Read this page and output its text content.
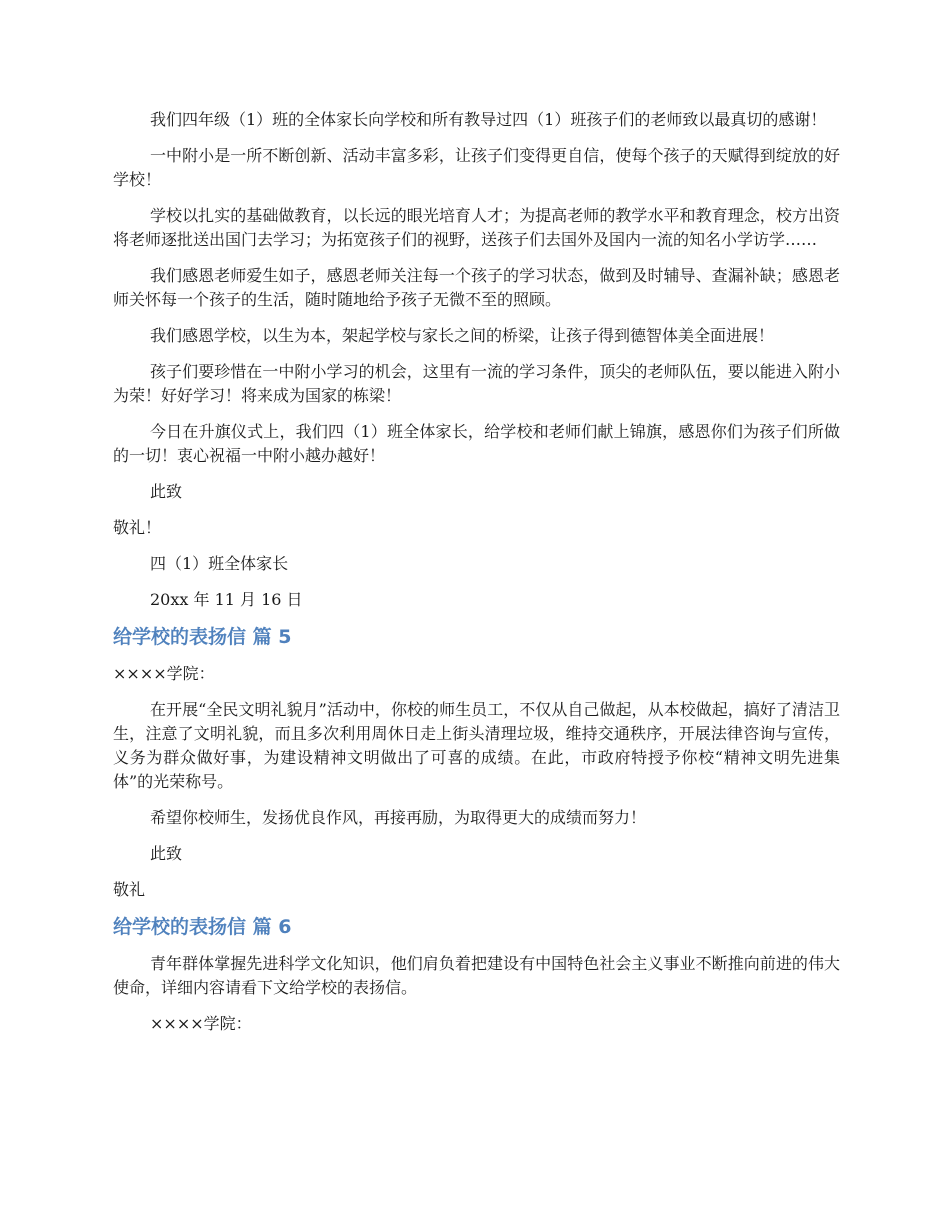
我们四年级（1）班的全体家长向学校和所有教导过四（1）班孩子们的老师致以最真切的感谢！

一中附小是一所不断创新、活动丰富多彩，让孩子们变得更自信，使每个孩子的天赋得到绽放的好学校！

学校以扎实的基础做教育，以长远的眼光培育人才；为提高老师的教学水平和教育理念，校方出资将老师逐批送出国门去学习；为拓宽孩子们的视野，送孩子们去国外及国内一流的知名小学访学……

我们感恩老师爱生如子，感恩老师关注每一个孩子的学习状态，做到及时辅导、查漏补缺；感恩老师关怀每一个孩子的生活，随时随地给予孩子无微不至的照顾。

我们感恩学校，以生为本，架起学校与家长之间的桥梁，让孩子得到德智体美全面进展！

孩子们要珍惜在一中附小学习的机会，这里有一流的学习条件，顶尖的老师队伍，要以能进入附小为荣！好好学习！将来成为国家的栋梁！

今日在升旗仪式上，我们四（1）班全体家长，给学校和老师们献上锦旗，感恩你们为孩子们所做的一切！衷心祝福一中附小越办越好！

此致

敬礼！

四（1）班全体家长

20xx 年 11 月 16 日

给学校的表扬信 篇 5

××××学院：

在开展“全民文明礼貌月”活动中，你校的师生员工，不仅从自己做起，从本校做起，搞好了清洁卫生，注意了文明礼貌，而且多次利用周休日走上街头清理垃圾，维持交通秩序，开展法律咨询与宣传，义务为群众做好事，为建设精神文明做出了可喜的成绩。在此，市政府特授予你校“精神文明先进集体”的光荣称号。

希望你校师生，发扬优良作风，再接再励，为取得更大的成绩而努力！

此致

敬礼

给学校的表扬信 篇 6

青年群体掌握先进科学文化知识，他们肩负着把建设有中国特色社会主义事业不断推向前进的伟大使命，详细内容请看下文给学校的表扬信。

××××学院：
